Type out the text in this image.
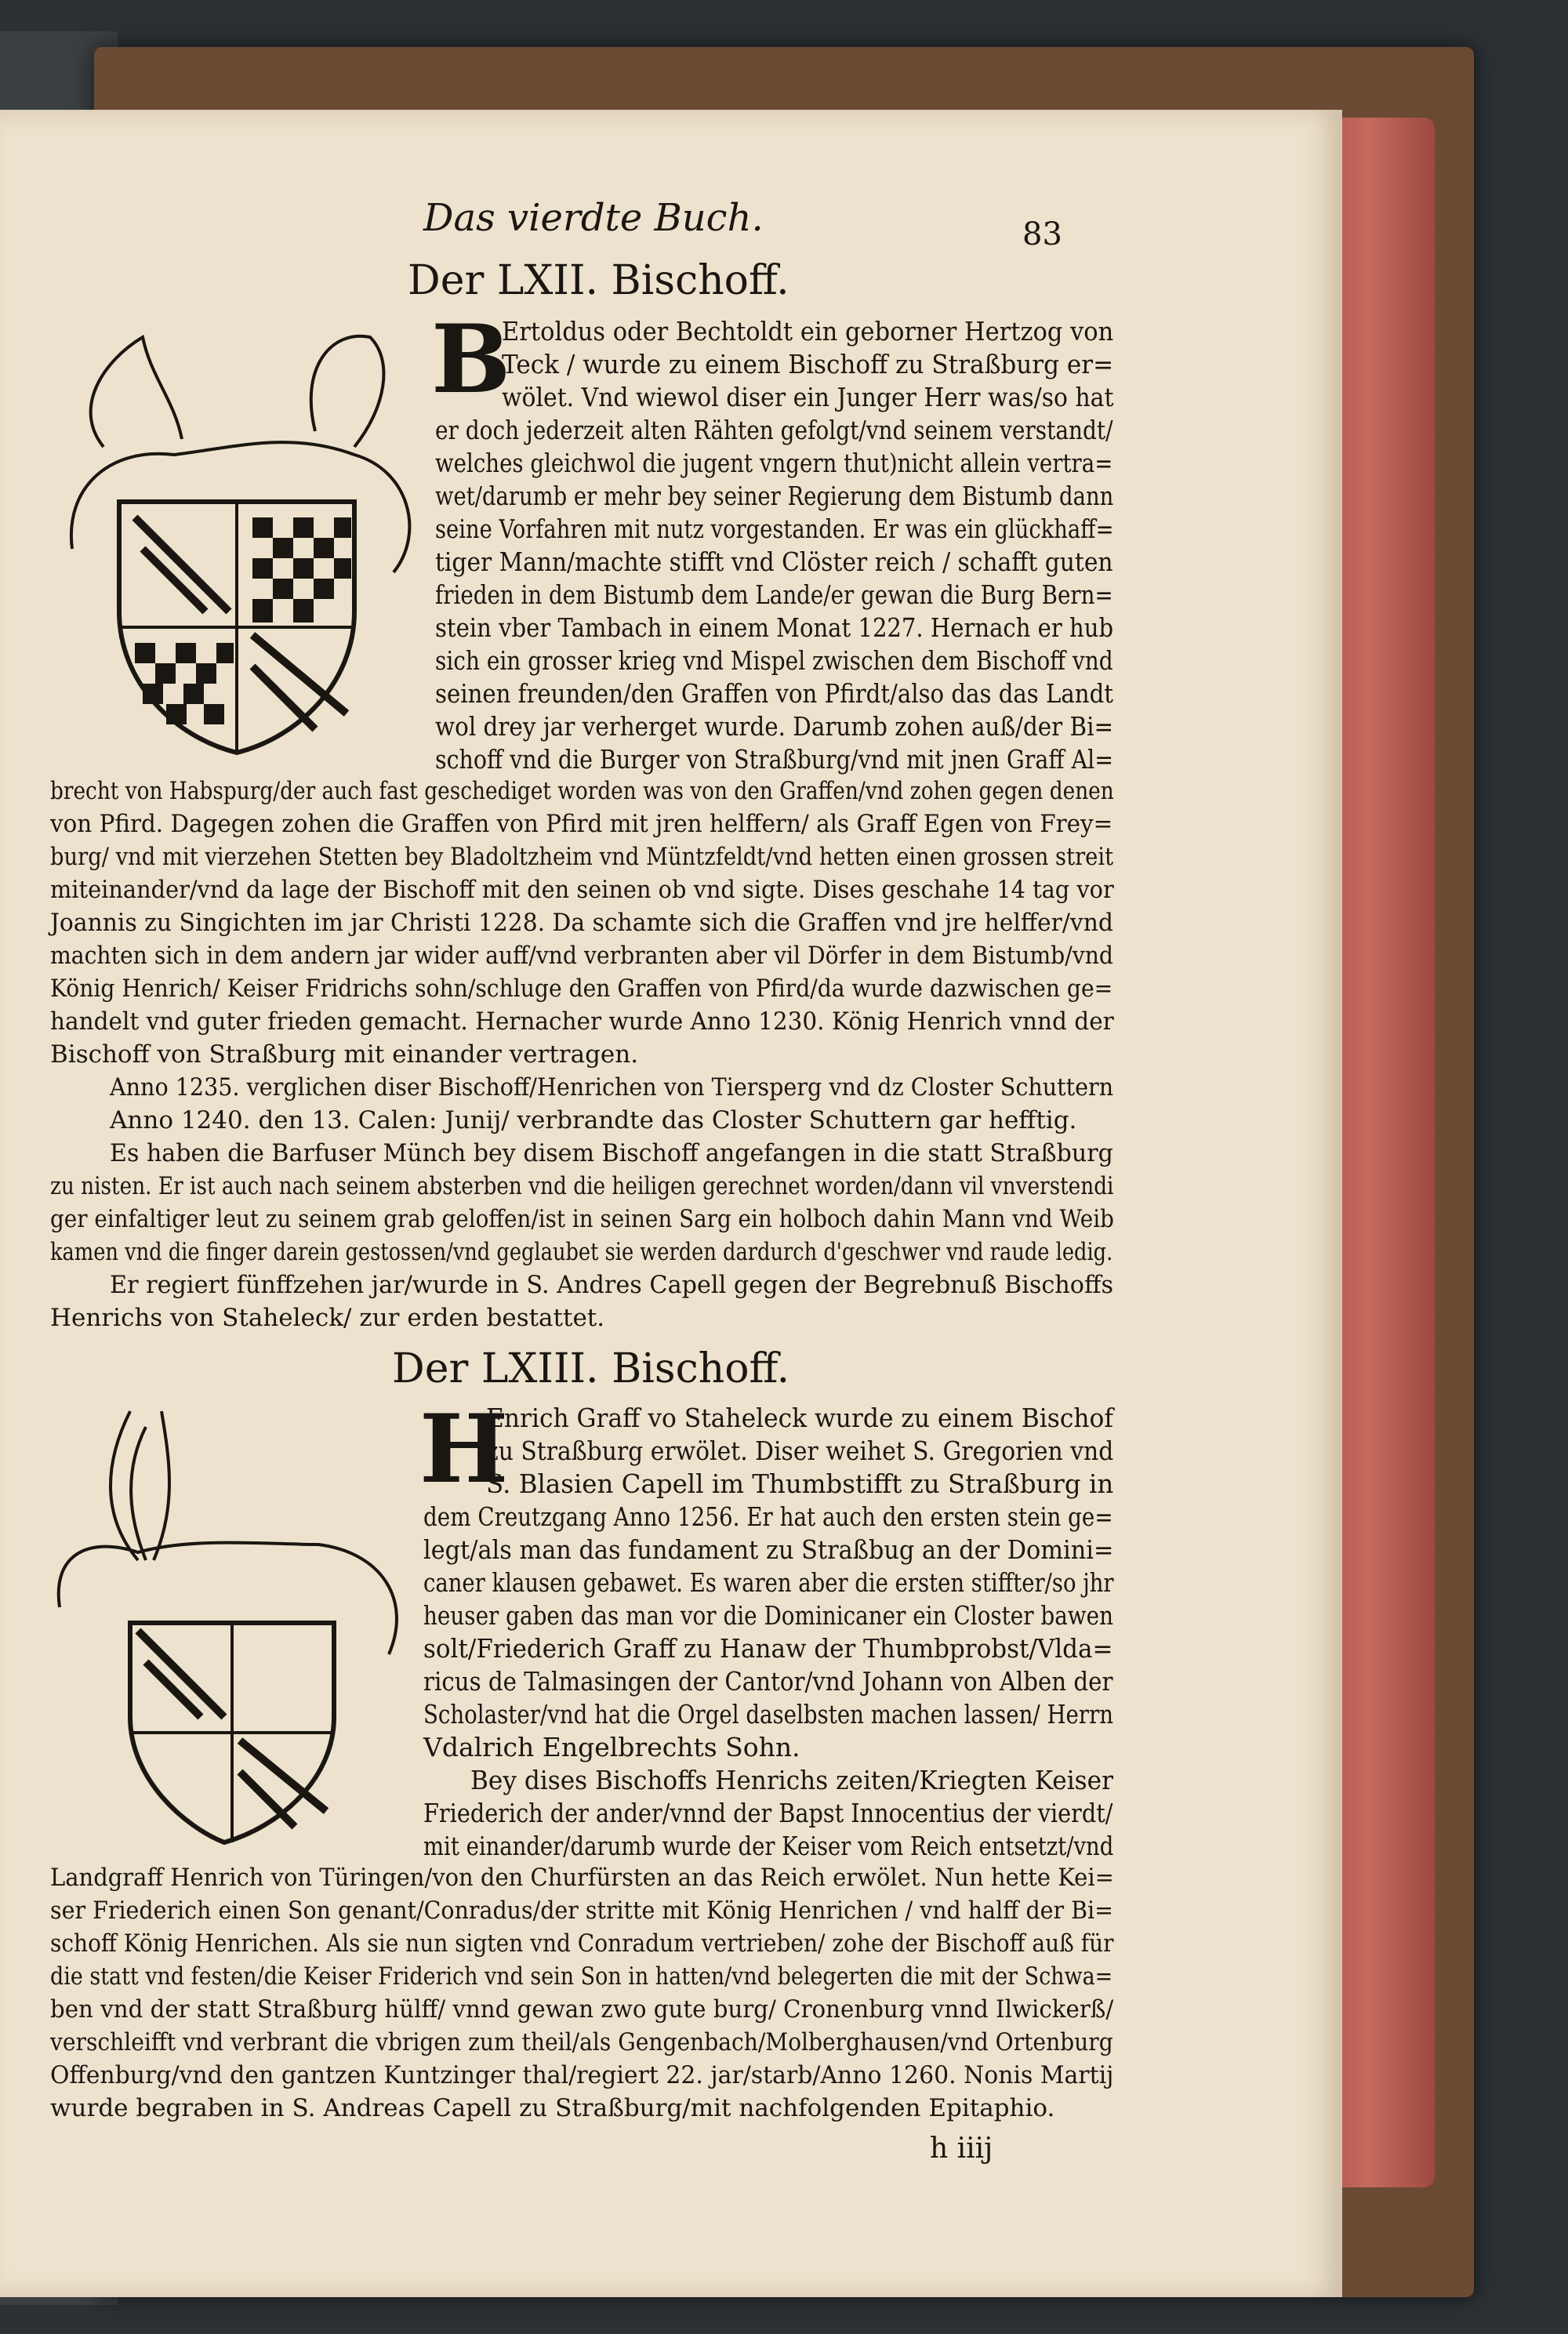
Das vierdte Buch.	83
Der LXII. Bischoff.
B
Ertoldus oder Bechtoldt ein geborner Hertzog von
Teck / wurde zu einem Bischoff zu Straßburg er=
wölet. Vnd wiewol diser ein Junger Herr was/so hat
er doch jederzeit alten Rähten gefolgt/vnd seinem verstandt/
welches gleichwol die jugent vngern thut)nicht allein vertra=
wet/darumb er mehr bey seiner Regierung dem Bistumb dann
seine Vorfahren mit nutz vorgestanden. Er was ein glückhaff=
tiger Mann/machte stifft vnd Clöster reich / schafft guten
frieden in dem Bistumb dem Lande/er gewan die Burg Bern=
stein vber Tambach in einem Monat 1227. Hernach er hub
sich ein grosser krieg vnd Mispel zwischen dem Bischoff vnd
seinen freunden/den Graffen von Pfirdt/also das das Landt
wol drey jar verherget wurde. Darumb zohen auß/der Bi=
schoff vnd die Burger von Straßburg/vnd mit jnen Graff Al=
brecht von Habspurg/der auch fast geschediget worden was von den Graffen/vnd zohen gegen denen
von Pfird. Dagegen zohen die Graffen von Pfird mit jren helffern/ als Graff Egen von Frey=
burg/ vnd mit vierzehen Stetten bey Bladoltzheim vnd Müntzfeldt/vnd hetten einen grossen streit
miteinander/vnd da lage der Bischoff mit den seinen ob vnd sigte. Dises geschahe 14 tag vor
Joannis zu Singichten im jar Christi 1228. Da schamte sich die Graffen vnd jre helffer/vnd
machten sich in dem andern jar wider auff/vnd verbranten aber vil Dörfer in dem Bistumb/vnd
König Henrich/ Keiser Fridrichs sohn/schluge den Graffen von Pfird/da wurde dazwischen ge=
handelt vnd guter frieden gemacht. Hernacher wurde Anno 1230. König Henrich vnnd der
Bischoff von Straßburg mit einander vertragen.
Anno 1235. verglichen diser Bischoff/Henrichen von Tiersperg vnd dz Closter Schuttern
Anno 1240. den 13. Calen: Junij/ verbrandte das Closter Schuttern gar hefftig.
Es haben die Barfuser Münch bey disem Bischoff angefangen in die statt Straßburg
zu nisten. Er ist auch nach seinem absterben vnd die heiligen gerechnet worden/dann vil vnverstendi
ger einfaltiger leut zu seinem grab geloffen/ist in seinen Sarg ein holboch dahin Mann vnd Weib
kamen vnd die finger darein gestossen/vnd geglaubet sie werden dardurch d'geschwer vnd raude ledig.
Er regiert fünffzehen jar/wurde in S. Andres Capell gegen der Begrebnuß Bischoffs
Henrichs von Staheleck/ zur erden bestattet.
Der LXIII. Bischoff.
H
Enrich Graff vo Staheleck wurde zu einem Bischof
zu Straßburg erwölet. Diser weihet S. Gregorien vnd
S. Blasien Capell im Thumbstifft zu Straßburg in
dem Creutzgang Anno 1256. Er hat auch den ersten stein ge=
legt/als man das fundament zu Straßbug an der Domini=
caner klausen gebawet. Es waren aber die ersten stiffter/so jhr
heuser gaben das man vor die Dominicaner ein Closter bawen
solt/Friederich Graff zu Hanaw der Thumbprobst/Vlda=
ricus de Talmasingen der Cantor/vnd Johann von Alben der
Scholaster/vnd hat die Orgel daselbsten machen lassen/ Herrn
Vdalrich Engelbrechts Sohn.
Bey dises Bischoffs Henrichs zeiten/Kriegten Keiser
Friederich der ander/vnnd der Bapst Innocentius der vierdt/
mit einander/darumb wurde der Keiser vom Reich entsetzt/vnd
Landgraff Henrich von Türingen/von den Churfürsten an das Reich erwölet. Nun hette Kei=
ser Friederich einen Son genant/Conradus/der stritte mit König Henrichen / vnd halff der Bi=
schoff König Henrichen. Als sie nun sigten vnd Conradum vertrieben/ zohe der Bischoff auß für
die statt vnd festen/die Keiser Friderich vnd sein Son in hatten/vnd belegerten die mit der Schwa=
ben vnd der statt Straßburg hülff/ vnnd gewan zwo gute burg/ Cronenburg vnnd Ilwickerß/
verschleifft vnd verbrant die vbrigen zum theil/als Gengenbach/Molberghausen/vnd Ortenburg
Offenburg/vnd den gantzen Kuntzinger thal/regiert 22. jar/starb/Anno 1260. Nonis Martij
wurde begraben in S. Andreas Capell zu Straßburg/mit nachfolgenden Epitaphio.
h iiij
